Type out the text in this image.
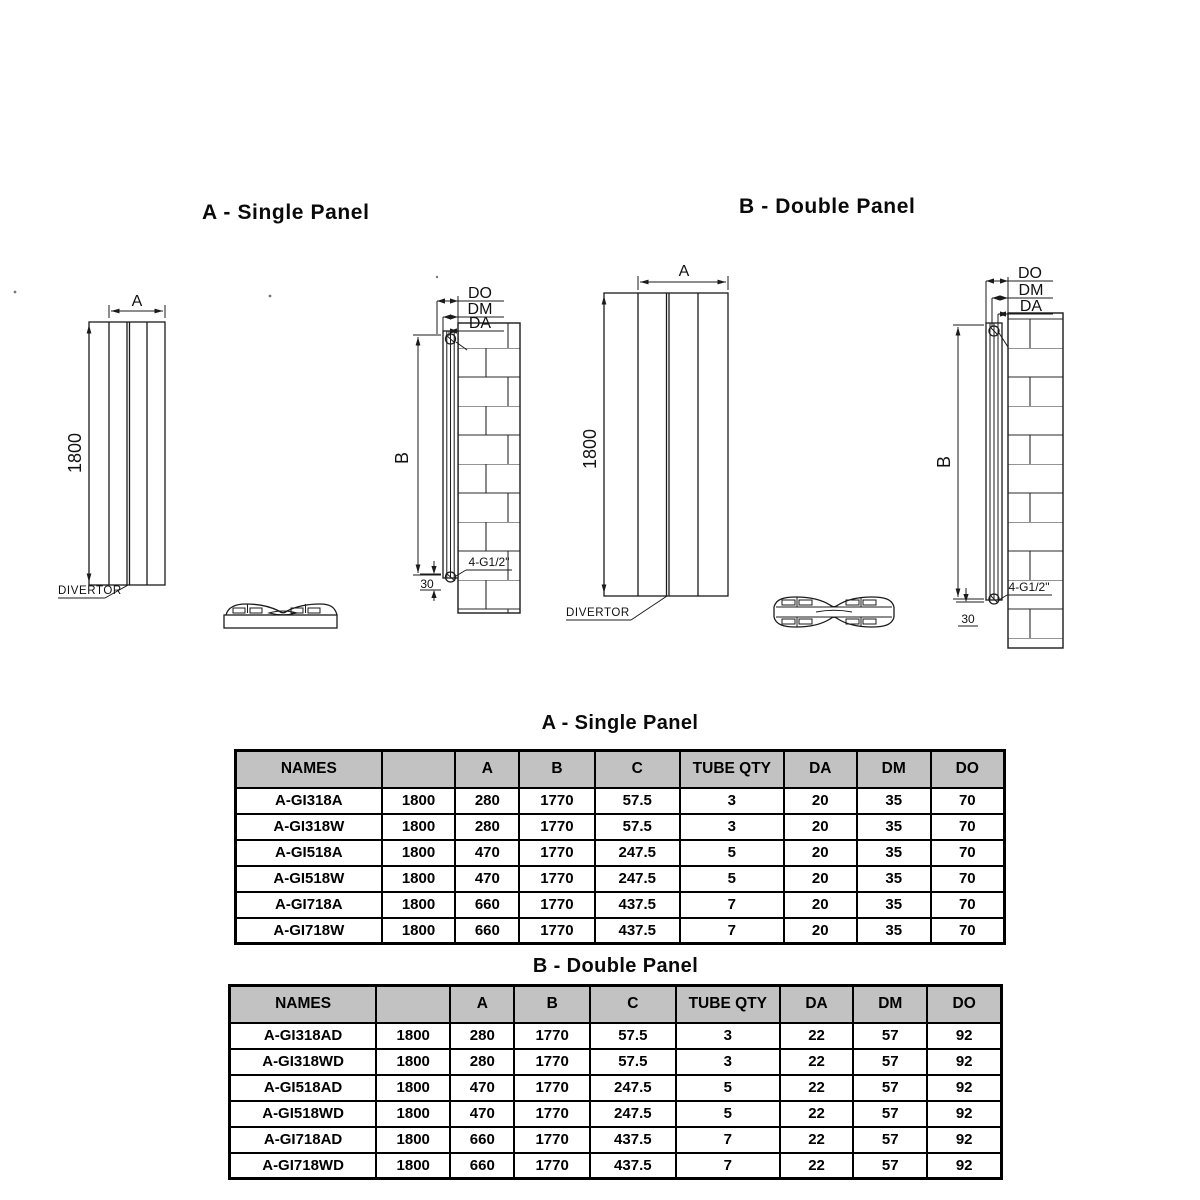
A - Single Panel	B - Double Panel
A
1800
DIVERTOR
B
DO
DM
DA
30
4-G1/2"
A
1800
DIVERTOR
B
DO
DM
DA
30
4-G1/2"
A - Single Panel
NAMES		A	B	C	TUBE QTY	DA	DM	DO
A-GI318A	1800	280	1770	57.5	3	20	35	70
A-GI318W	1800	280	1770	57.5	3	20	35	70
A-GI518A	1800	470	1770	247.5	5	20	35	70
A-GI518W	1800	470	1770	247.5	5	20	35	70
A-GI718A	1800	660	1770	437.5	7	20	35	70
A-GI718W	1800	660	1770	437.5	7	20	35	70
B - Double Panel
NAMES		A	B	C	TUBE QTY	DA	DM	DO
A-GI318AD	1800	280	1770	57.5	3	22	57	92
A-GI318WD	1800	280	1770	57.5	3	22	57	92
A-GI518AD	1800	470	1770	247.5	5	22	57	92
A-GI518WD	1800	470	1770	247.5	5	22	57	92
A-GI718AD	1800	660	1770	437.5	7	22	57	92
A-GI718WD	1800	660	1770	437.5	7	22	57	92
